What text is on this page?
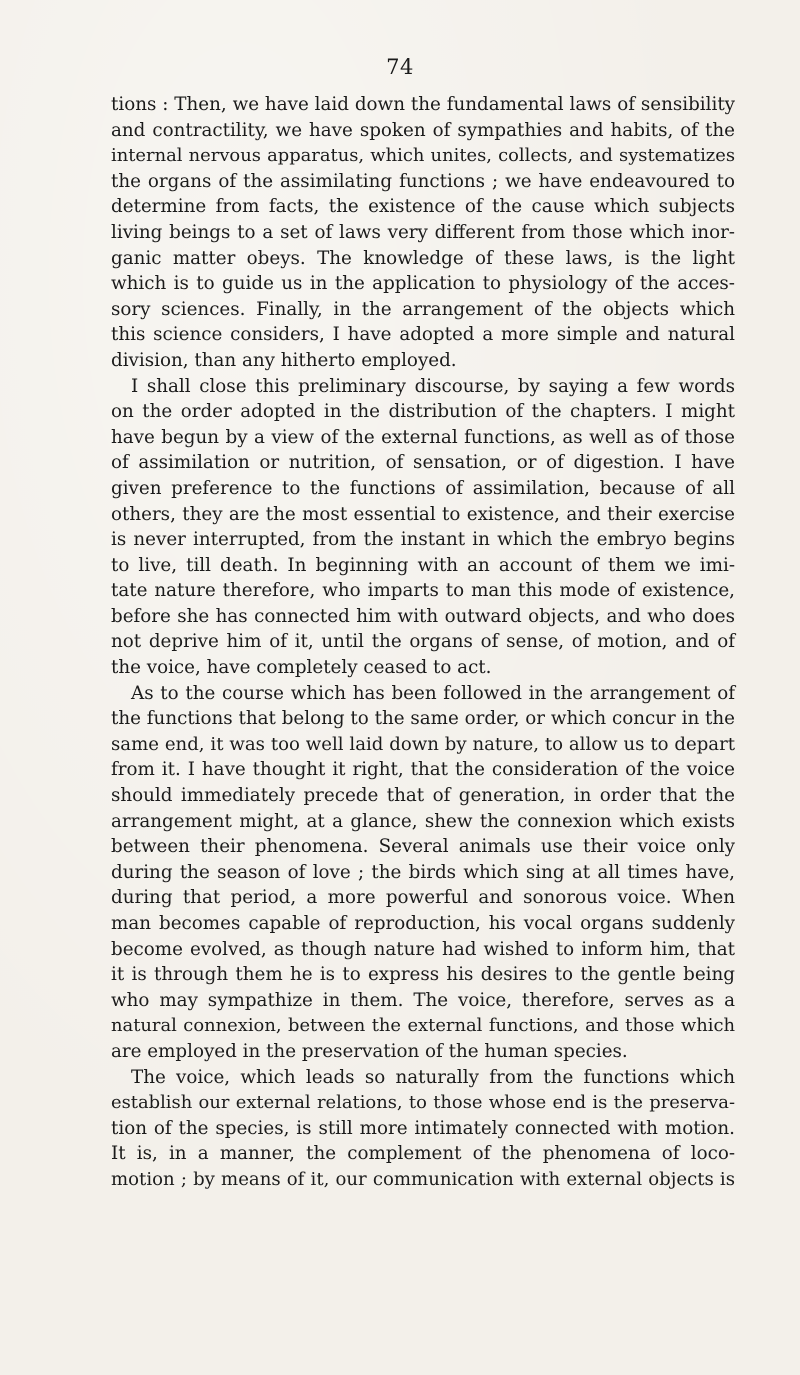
74
tions : Then, we have laid down the fundamental laws of sensibility
and contractility, we have spoken of sympathies and habits, of the
internal nervous apparatus, which unites, collects, and systematizes
the organs of the assimilating functions ; we have endeavoured to
determine from facts, the existence of the cause which subjects
living beings to a set of laws very different from those which inor-
ganic matter obeys. The knowledge of these laws, is the light
which is to guide us in the application to physiology of the acces-
sory sciences. Finally, in the arrangement of the objects which
this science considers, I have adopted a more simple and natural
division, than any hitherto employed.
I shall close this preliminary discourse, by saying a few words
on the order adopted in the distribution of the chapters. I might
have begun by a view of the external functions, as well as of those
of assimilation or nutrition, of sensation, or of digestion. I have
given preference to the functions of assimilation, because of all
others, they are the most essential to existence, and their exercise
is never interrupted, from the instant in which the embryo begins
to live, till death. In beginning with an account of them we imi-
tate nature therefore, who imparts to man this mode of existence,
before she has connected him with outward objects, and who does
not deprive him of it, until the organs of sense, of motion, and of
the voice, have completely ceased to act.
As to the course which has been followed in the arrangement of
the functions that belong to the same order, or which concur in the
same end, it was too well laid down by nature, to allow us to depart
from it. I have thought it right, that the consideration of the voice
should immediately precede that of generation, in order that the
arrangement might, at a glance, shew the connexion which exists
between their phenomena. Several animals use their voice only
during the season of love ; the birds which sing at all times have,
during that period, a more powerful and sonorous voice. When
man becomes capable of reproduction, his vocal organs suddenly
become evolved, as though nature had wished to inform him, that
it is through them he is to express his desires to the gentle being
who may sympathize in them. The voice, therefore, serves as a
natural connexion, between the external functions, and those which
are employed in the preservation of the human species.
The voice, which leads so naturally from the functions which
establish our external relations, to those whose end is the preserva-
tion of the species, is still more intimately connected with motion.
It is, in a manner, the complement of the phenomena of loco-
motion ; by means of it, our communication with external objects is
